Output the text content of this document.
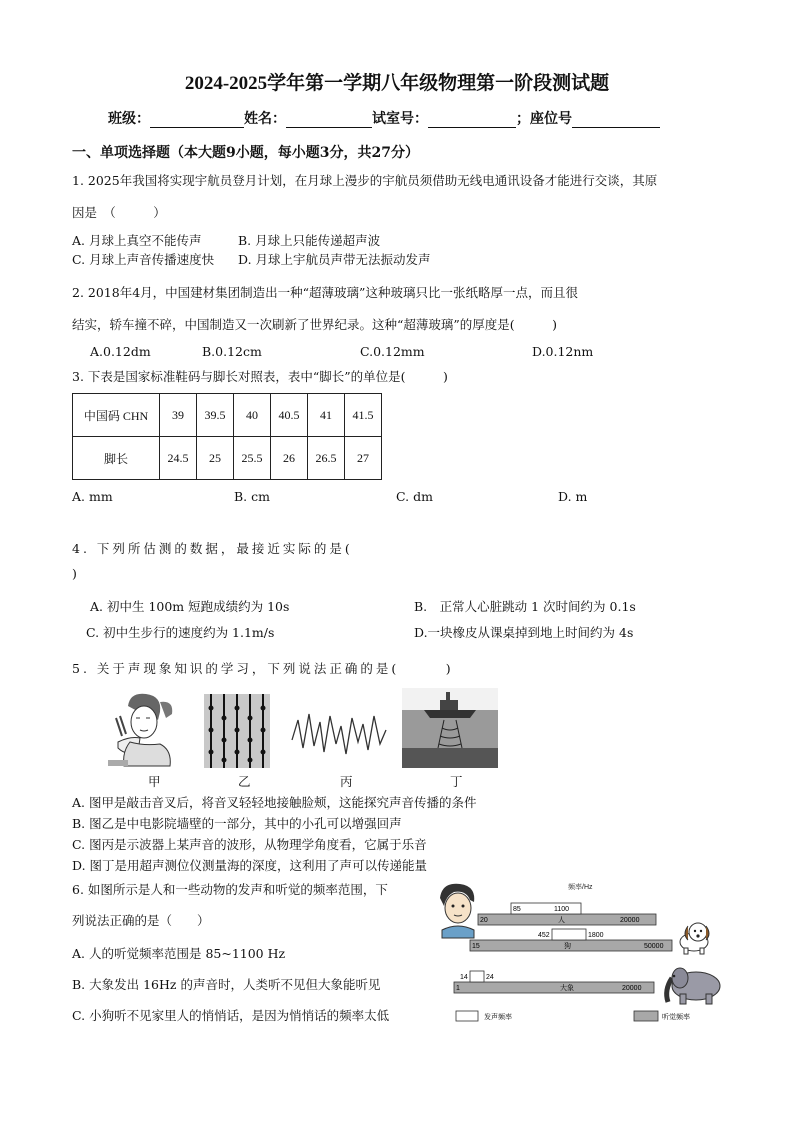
2024-2025学年第一学期八年级物理第一阶段测试题
班级：	姓名：	试室号：	；座位号
一、单项选择题（本大题9小题，每小题3分，共27分）
1. 2025年我国将实现宇航员登月计划，在月球上漫步的宇航员须借助无线电通讯设备才能进行交谈，其原
因是　（　　　）
A. 月球上真空不能传声	B. 月球上只能传递超声波
C. 月球上声音传播速度快 D. 月球上宇航员声带无法振动发声
2. 2018年4月，中国建材集团制造出一种“超薄玻璃”这种玻璃只比一张纸略厚一点，而且很
结实，轿车撞不碎，中国制造又一次刷新了世界纪录。这种“超薄玻璃”的厚度是(　　　)
A.0.12dm	B.0.12cm	C.0.12mm	D.0.12nm
3. 下表是国家标准鞋码与脚长对照表，表中“脚长”的单位是(　　　)
中国码 CHN	39	39.5	40	40.5	41	41.5
脚长	24.5	25	25.5	26	26.5	27
A. mm	B. cm	C. dm	D. m
4. 下列所估测的数据，最接近实际的是(
)
A. 初中生 100m 短跑成绩约为 10s	B.　正常人心脏跳动 1 次时间约为 0.1s
C. 初中生步行的速度约为 1.1m/s	D.一块橡皮从课桌掉到地上时间约为 4s
5. 关于声现象知识的学习，下列说法正确的是(　　　)
甲	乙	丙	丁
A. 图甲是敲击音叉后，将音叉轻轻地接触脸颊，这能探究声音传播的条件
B. 图乙是中电影院墙壁的一部分，其中的小孔可以增强回声
C. 图丙是示波器上某声音的波形，从物理学角度看，它属于乐音
D. 图丁是用超声测位仪测量海的深度，这利用了声可以传递能量
6. 如图所示是人和一些动物的发声和听觉的频率范围，下
列说法正确的是（　　）
A. 人的听觉频率范围是 85~1100 Hz
B. 大象发出 16Hz 的声音时，人类听不见但大象能听见
C. 小狗听不见家里人的悄悄话，是因为悄悄话的频率太低
频率/Hz
85	1100
20	人	20000
452	1800
15	狗	50000
14	24
1	大象	20000
发声频率	听觉频率
